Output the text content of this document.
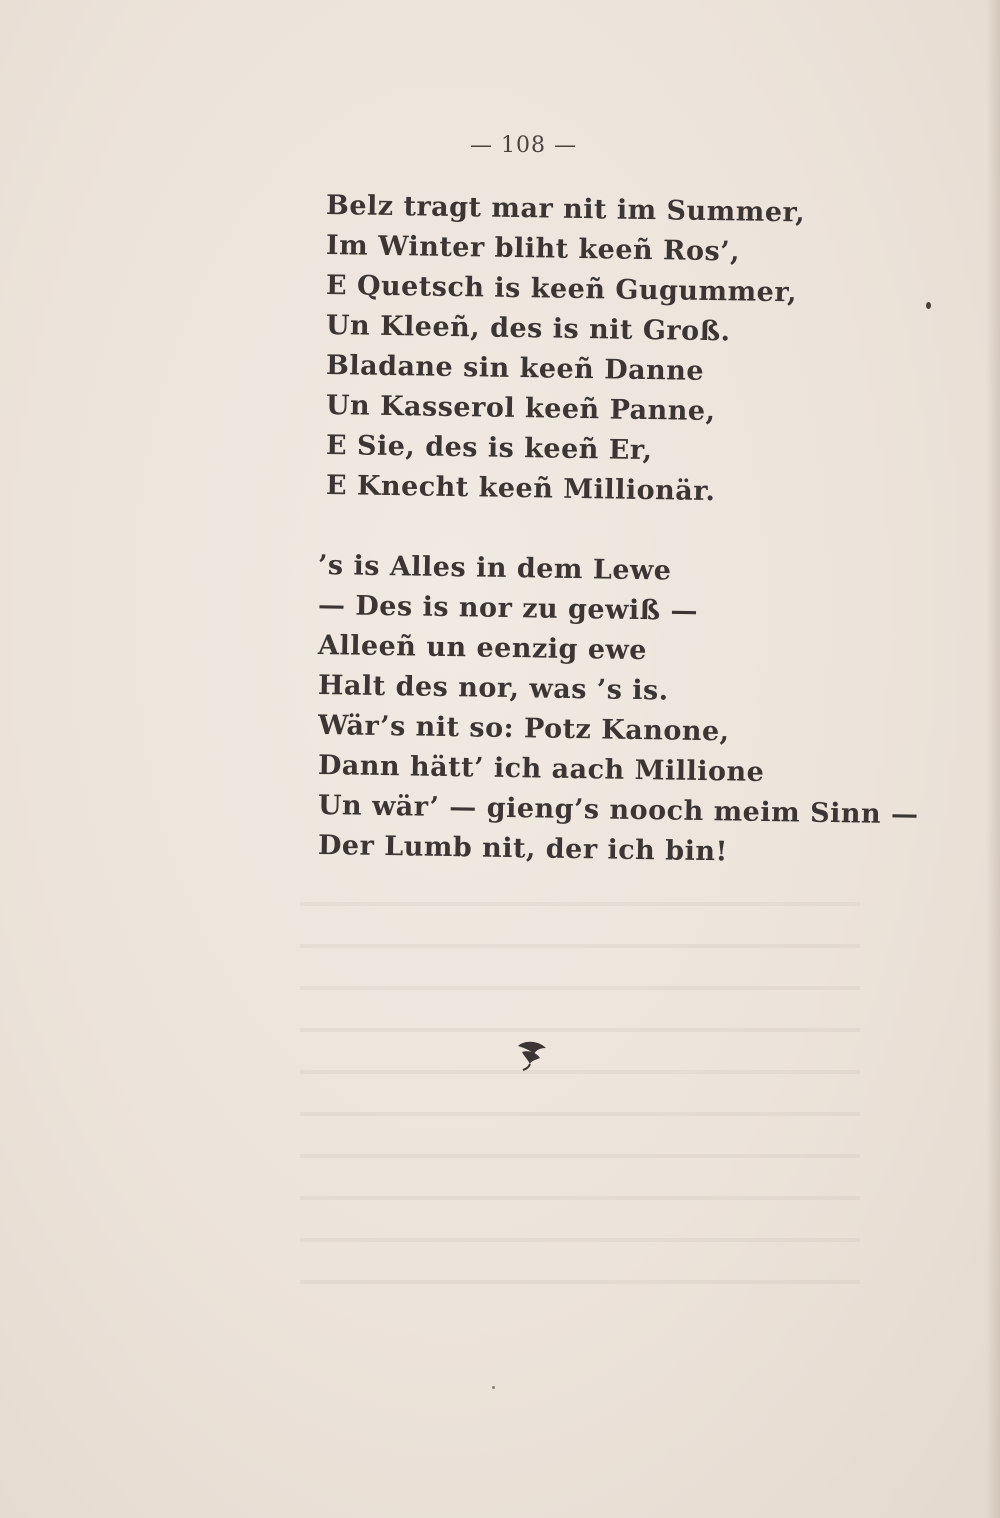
— 108 —
Belz tragt mar nit im Summer,
Im Winter bliht keeñ Ros’,
E Quetsch is keeñ Gugummer,
Un Kleeñ, des is nit Groß.
Bladane sin keeñ Danne
Un Kasserol keeñ Panne,
E Sie, des is keeñ Er,
E Knecht keeñ Millionär.
’s is Alles in dem Lewe
— Des is nor zu gewiß —
Alleeñ un eenzig ewe
Halt des nor, was ’s is.
Wär’s nit so: Potz Kanone,
Dann hätt’ ich aach Millione
Un wär’ — gieng’s nooch meim Sinn —
Der Lumb nit, der ich bin!
